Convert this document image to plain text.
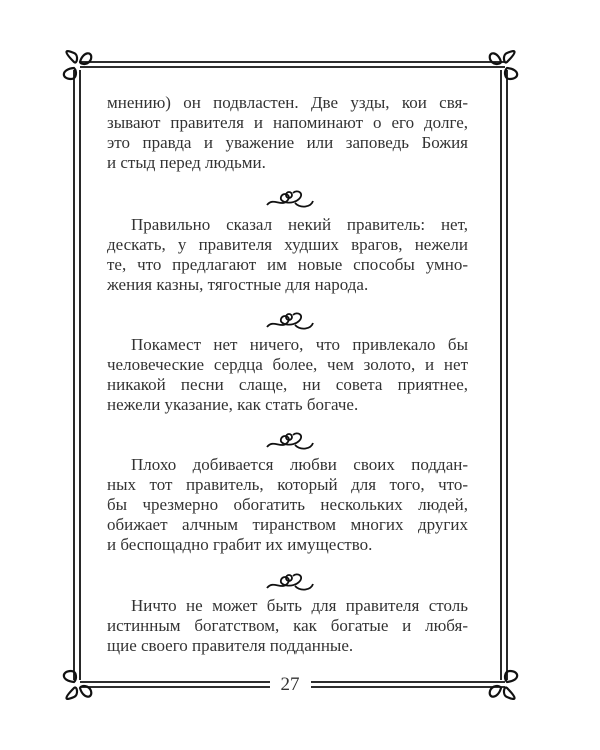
27

мнению) он подвластен. Две узды, кои свя-
зывают правителя и напоминают о его долге,
это правда и уважение или заповедь Божия
и стыд перед людьми.

Правильно сказал некий правитель: нет,
дескать, у правителя худших врагов, нежели
те, что предлагают им новые способы умно-
жения казны, тягостные для народа.

Покамест нет ничего, что привлекало бы
человеческие сердца более, чем золото, и нет
никакой песни слаще, ни совета приятнее,
нежели указание, как стать богаче.

Плохо добивается любви своих поддан-
ных тот правитель, который для того, что-
бы чрезмерно обогатить нескольких людей,
обижает алчным тиранством многих других
и беспощадно грабит их имущество.

Ничто не может быть для правителя столь
истинным богатством, как богатые и любя-
щие своего правителя подданные.
